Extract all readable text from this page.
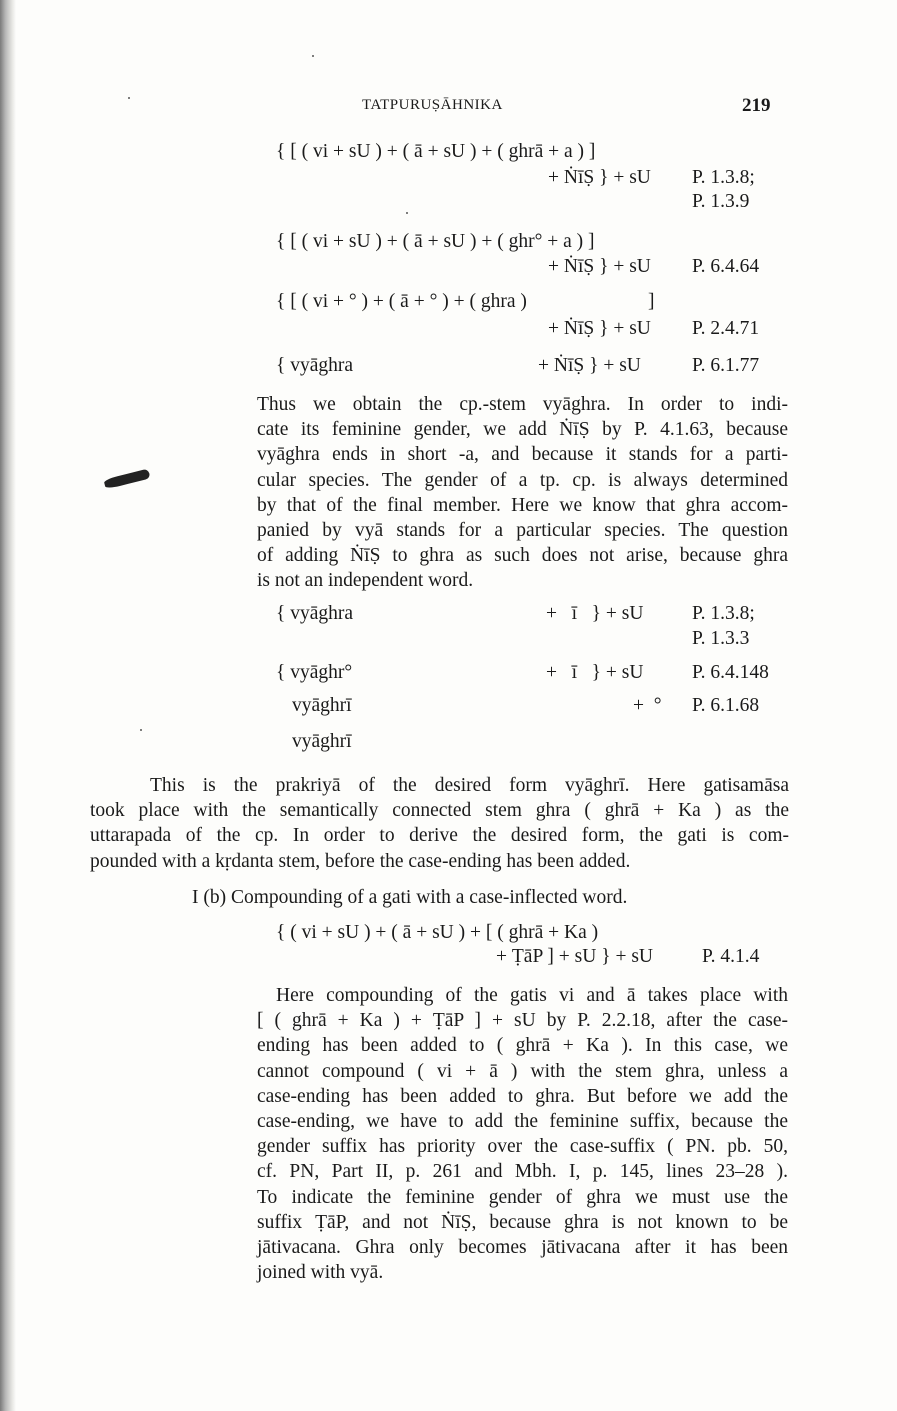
TATPURUṢĀHNIKA	219
{ [ ( vi + sU ) + ( ā + sU ) + ( ghrā + a ) ]
+ ṄīṢ } + sU P. 1.3.8;
P. 1.3.9
{ [ ( vi + sU ) + ( ā + sU ) + ( ghr° + a ) ]
+ ṄīṢ } + sU P. 6.4.64
{ [ ( vi + ° ) + ( ā + ° ) + ( ghra )	]
+ ṄīṢ } + sU P. 2.4.71
{ vyāghra	+ ṄīṢ } + sU	P. 6.1.77
Thus we obtain the cp.-stem vyāghra. In order to indi-
cate its feminine gender, we add ṄīṢ by P. 4.1.63, because
vyāghra ends in short -a, and because it stands for a parti-
cular species. The gender of a tp. cp. is always determined
by that of the final member. Here we know that ghra accom-
panied by vyā stands for a particular species. The question
of adding ṄīṢ to ghra as such does not arise, because ghra
is not an independent word.
{ vyāghra	+   ī   } + sU P. 1.3.8;
P. 1.3.3
{ vyāghr°	+   ī   } + sU P. 6.4.148
vyāghrī	+  ° P. 6.1.68
vyāghrī
This is the prakriyā of the desired form vyāghrī. Here gatisamāsa
took place with the semantically connected stem ghra ( ghrā + Ka ) as the
uttarapada of the cp. In order to derive the desired form, the gati is com-
pounded with a kṛdanta stem, before the case-ending has been added.
I (b) Compounding of a gati with a case-inflected word.
{ ( vi + sU ) + ( ā + sU ) + [ ( ghrā + Ka )
+ ṬāP ] + sU } + sU	P. 4.1.4
Here compounding of the gatis vi and ā takes place with
[ ( ghrā + Ka ) + ṬāP ] + sU by P. 2.2.18, after the case-
ending has been added to ( ghrā + Ka ). In this case, we
cannot compound ( vi + ā ) with the stem ghra, unless a
case-ending has been added to ghra. But before we add the
case-ending, we have to add the feminine suffix, because the
gender suffix has priority over the case-suffix ( PN. pb. 50,
cf. PN, Part II, p. 261 and Mbh. I, p. 145, lines 23–28 ).
To indicate the feminine gender of ghra we must use the
suffix ṬāP, and not ṄīṢ, because ghra is not known to be
jātivacana. Ghra only becomes jātivacana after it has been
joined with vyā.
